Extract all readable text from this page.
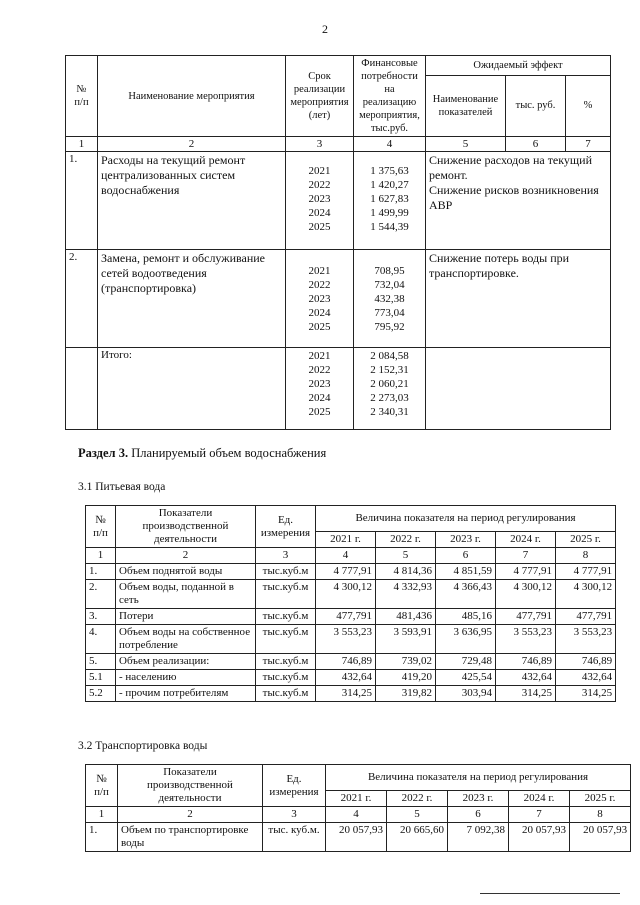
2
№
п/п	Наименование мероприятия	Срок
реализации
мероприятия
(лет)	Финансовые
потребности
на реализацию
мероприятия,
тыс.руб.	Ожидаемый эффект		
				Наименование
показателей	тыс. руб.	%
1	2	3	4	5	6	7
1.	Расходы на текущий ремонт централизованных систем водоснабжения	2021
2022
2023
2024
2025	1 375,63
1 420,27
1 627,83
1 499,99
1 544,39	Снижение расходов на текущий ремонт.
Снижение рисков возникновения АВР		
2.	Замена, ремонт и обслуживание сетей водоотведения (транспортировка)	2021
2022
2023
2024
2025	708,95
732,04
432,38
773,04
795,92	Снижение потерь воды при транспортировке.		
	Итого:	2021
2022
2023
2024
2025	2 084,58
2 152,31
2 060,21
2 273,03
2 340,31			
Раздел 3. Планируемый объем водоснабжения
3.1 Питьевая вода
№
п/п	Показатели
производственной
деятельности	Ед.
измерения	Величина показателя на период регулирования				
			2021 г.	2022 г.	2023 г.	2024 г.	2025 г.
1	2	3	4	5	6	7	8
1.	Объем поднятой воды	тыс.куб.м	4 777,91	4 814,36	4 851,59	4 777,91	4 777,91
2.	Объем воды, поданной в сеть	тыс.куб.м	4 300,12	4 332,93	4 366,43	4 300,12	4 300,12
3.	Потери	тыс.куб.м	477,791	481,436	485,16	477,791	477,791
4.	Объем воды на собственное потребление	тыс.куб.м	3 553,23	3 593,91	3 636,95	3 553,23	3 553,23
5.	Объем реализации:	тыс.куб.м	746,89	739,02	729,48	746,89	746,89
5.1	- населению	тыс.куб.м	432,64	419,20	425,54	432,64	432,64
5.2	- прочим потребителям	тыс.куб.м	314,25	319,82	303,94	314,25	314,25
3.2 Транспортировка воды
№
п/п	Показатели
производственной
деятельности	Ед.
измерения	Величина показателя на период регулирования				
			2021 г.	2022 г.	2023 г.	2024 г.	2025 г.
1	2	3	4	5	6	7	8
1.	Объем по транспортировке воды	тыс. куб.м.	20 057,93	20 665,60	7 092,38	20 057,93	20 057,93
